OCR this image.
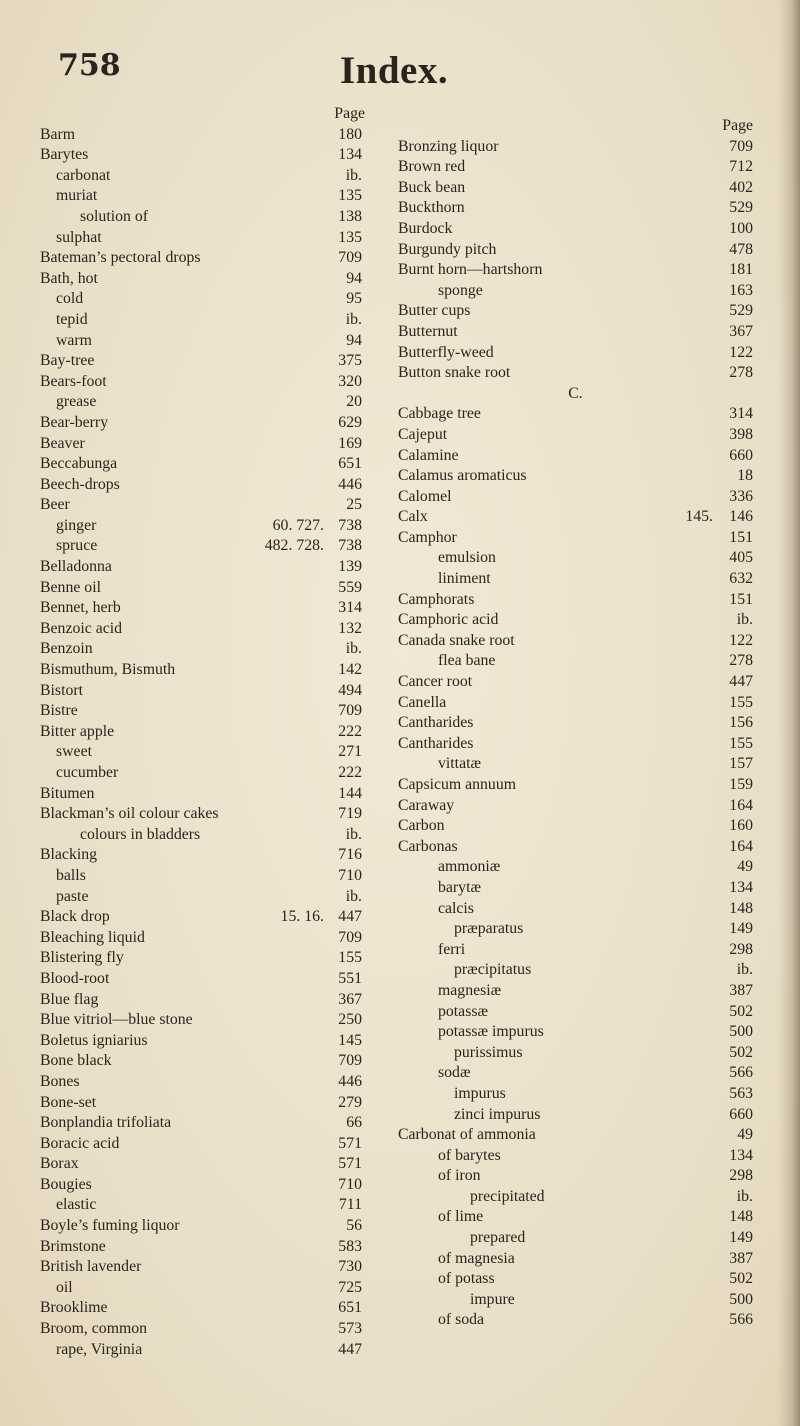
758	Index.
Page
Barm	180
Barytes	134
carbonat	ib.
muriat	135
solution of	138
sulphat	135
Bateman’s pectoral drops	709
Bath, hot	94
cold	95
tepid	ib.
warm	94
Bay-tree	375
Bears-foot	320
grease	20
Bear-berry	629
Beaver	169
Beccabunga	651
Beech-drops	446
Beer	25
ginger	60. 727. 738
spruce	482. 728. 738
Belladonna	139
Benne oil	559
Bennet, herb	314
Benzoic acid	132
Benzoin	ib.
Bismuthum, Bismuth	142
Bistort	494
Bistre	709
Bitter apple	222
sweet	271
cucumber	222
Bitumen	144
Blackman’s oil colour cakes	719
colours in bladders	ib.
Blacking	716
balls	710
paste	ib.
Black drop	15. 16. 447
Bleaching liquid	709
Blistering fly	155
Blood-root	551
Blue flag	367
Blue vitriol—blue stone	250
Boletus igniarius	145
Bone black	709
Bones	446
Bone-set	279
Bonplandia trifoliata	66
Boracic acid	571
Borax	571
Bougies	710
elastic	711
Boyle’s fuming liquor	56
Brimstone	583
British lavender	730
oil	725
Brooklime	651
Broom, common	573
rape, Virginia	447
Page
Bronzing liquor	709
Brown red	712
Buck bean	402
Buckthorn	529
Burdock	100
Burgundy pitch	478
Burnt horn—hartshorn	181
sponge	163
Butter cups	529
Butternut	367
Butterfly-weed	122
Button snake root	278
C.
Cabbage tree	314
Cajeput	398
Calamine	660
Calamus aromaticus	18
Calomel	336
Calx	145. 146
Camphor	151
emulsion	405
liniment	632
Camphorats	151
Camphoric acid	ib.
Canada snake root	122
flea bane	278
Cancer root	447
Canella	155
Cantharides	156
Cantharides	155
vittatæ	157
Capsicum annuum	159
Caraway	164
Carbon	160
Carbonas	164
ammoniæ	49
barytæ	134
calcis	148
præparatus	149
ferri	298
præcipitatus	ib.
magnesiæ	387
potassæ	502
potassæ impurus	500
purissimus	502
sodæ	566
impurus	563
zinci impurus	660
Carbonat of ammonia	49
of barytes	134
of iron	298
precipitated	ib.
of lime	148
prepared	149
of magnesia	387
of potass	502
impure	500
of soda	566
